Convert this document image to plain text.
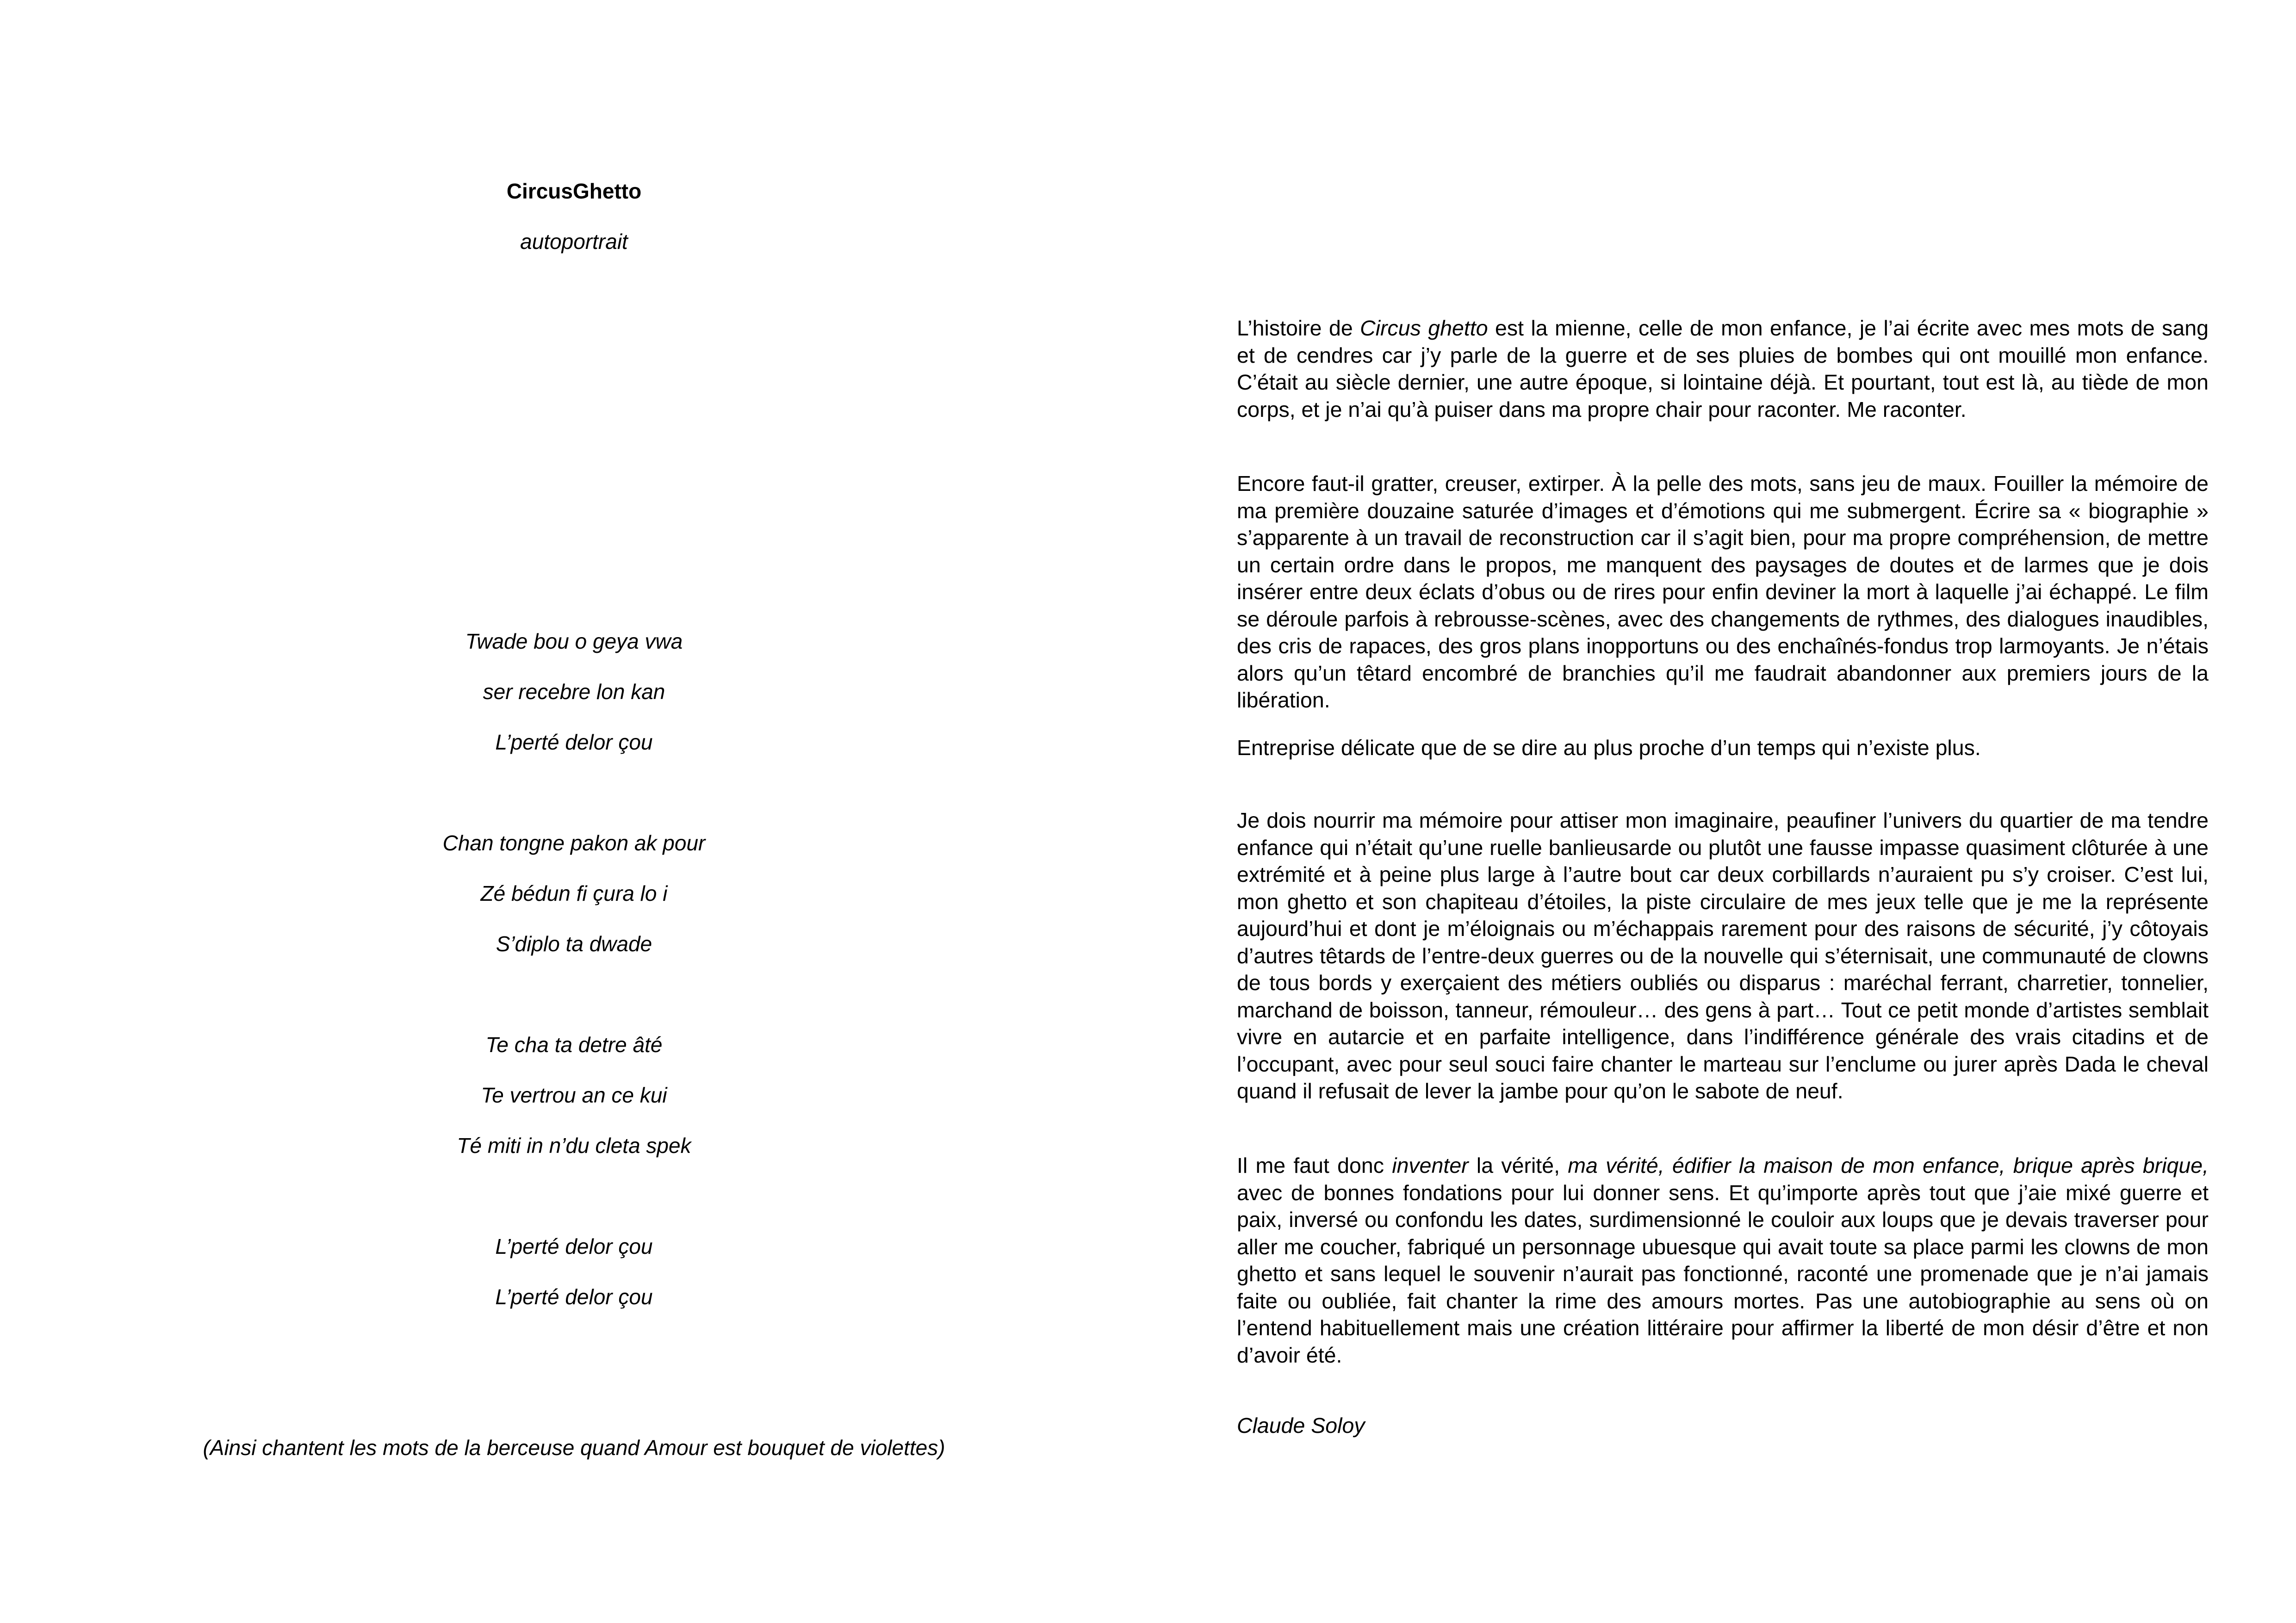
CircusGhetto
autoportrait
Twade bou o geya vwa
ser recebre lon kan
L’perté delor çou
Chan tongne pakon ak pour
Zé bédun fi çura lo i
S’diplo ta dwade
Te cha ta detre âté
Te vertrou an ce kui
Té miti in n’du cleta spek
L’perté delor çou
L’perté delor çou
(Ainsi chantent les mots de la berceuse quand Amour est bouquet de violettes)

L’histoire de Circus ghetto est la mienne, celle de mon enfance, je l’ai écrite avec mes mots de sang et de cendres car j’y parle de la guerre et de ses pluies de bombes qui ont mouillé mon enfance. C’était au siècle dernier, une autre époque, si lointaine déjà. Et pourtant, tout est là, au tiède de mon corps, et je n’ai qu’à puiser dans ma propre chair pour raconter. Me raconter.

Encore faut-il gratter, creuser, extirper. À la pelle des mots, sans jeu de maux. Fouiller la mémoire de ma première douzaine saturée d’images et d’émotions qui me submergent. Écrire sa « biographie » s’apparente à un travail de reconstruction car il s’agit bien, pour ma propre compréhension, de mettre un certain ordre dans le propos, me manquent des paysages de doutes et de larmes que je dois insérer entre deux éclats d’obus ou de rires pour enfin deviner la mort à laquelle j’ai échappé. Le film se déroule parfois à rebrousse-scènes, avec des changements de rythmes, des dialogues inaudibles, des cris de rapaces, des gros plans inopportuns ou des enchaînés-fondus trop larmoyants. Je n’étais alors qu’un têtard encombré de branchies qu’il me faudrait abandonner aux premiers jours de la libération.

Entreprise délicate que de se dire au plus proche d’un temps qui n’existe plus.

Je dois nourrir ma mémoire pour attiser mon imaginaire, peaufiner l’univers du quartier de ma tendre enfance qui n’était qu’une ruelle banlieusarde ou plutôt une fausse impasse quasiment clôturée à une extrémité et à peine plus large à l’autre bout car deux corbillards n’auraient pu s’y croiser. C’est lui, mon ghetto et son chapiteau d’étoiles, la piste circulaire de mes jeux telle que je me la représente aujourd’hui et dont je m’éloignais ou m’échappais rarement pour des raisons de sécurité, j’y côtoyais d’autres têtards de l’entre-deux guerres ou de la nouvelle qui s’éternisait, une communauté de clowns de tous bords y exerçaient des métiers oubliés ou disparus : maréchal ferrant, charretier, tonnelier, marchand de boisson, tanneur, rémouleur… des gens à part… Tout ce petit monde d’artistes semblait vivre en autarcie et en parfaite intelligence, dans l’indifférence générale des vrais citadins et de l’occupant, avec pour seul souci faire chanter le marteau sur l’enclume ou jurer après Dada le cheval quand il refusait de lever la jambe pour qu’on le sabote de neuf.

Il me faut donc inventer la vérité, ma vérité, édifier la maison de mon enfance, brique après brique, avec de bonnes fondations pour lui donner sens. Et qu’importe après tout que j’aie mixé guerre et paix, inversé ou confondu les dates, surdimensionné le couloir aux loups que je devais traverser pour aller me coucher, fabriqué un personnage ubuesque qui avait toute sa place parmi les clowns de mon ghetto et sans lequel le souvenir n’aurait pas fonctionné, raconté une promenade que je n’ai jamais faite ou oubliée, fait chanter la rime des amours mortes. Pas une autobiographie au sens où on l’entend habituellement mais une création littéraire pour affirmer la liberté de mon désir d’être et non d’avoir été.

Claude Soloy
